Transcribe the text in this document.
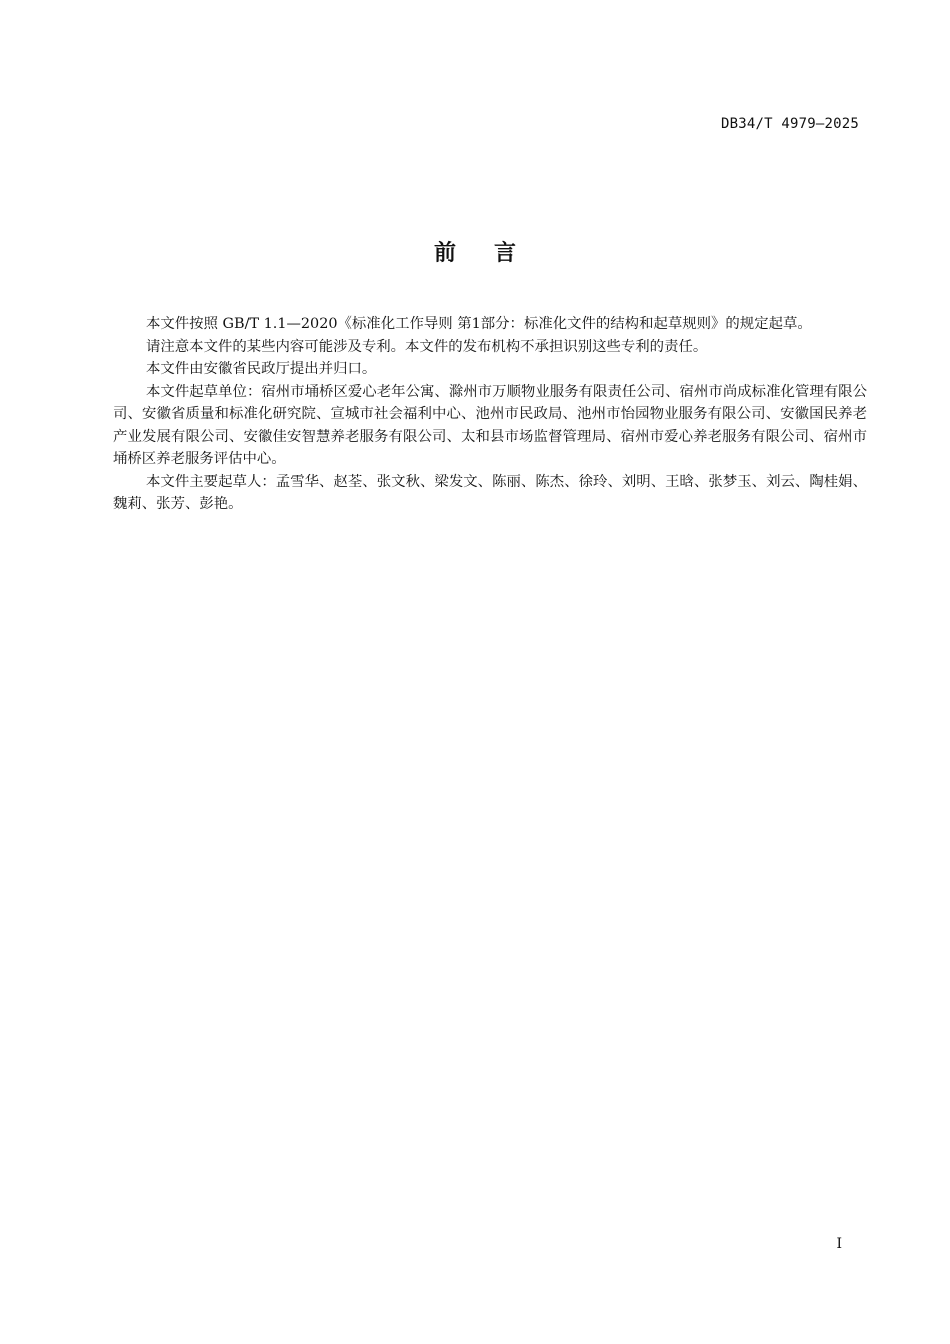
DB34/T 4979—2025
前 言

本文件按照 GB/T 1.1—2020《标准化工作导则 第1部分：标准化文件的结构和起草规则》的规定起草。

请注意本文件的某些内容可能涉及专利。本文件的发布机构不承担识别这些专利的责任。

本文件由安徽省民政厅提出并归口。

本文件起草单位：宿州市埇桥区爱心老年公寓、滁州市万顺物业服务有限责任公司、宿州市尚成标准化管理有限公司、安徽省质量和标准化研究院、宣城市社会福利中心、池州市民政局、池州市怡园物业服务有限公司、安徽国民养老产业发展有限公司、安徽佳安智慧养老服务有限公司、太和县市场监督管理局、宿州市爱心养老服务有限公司、宿州市埇桥区养老服务评估中心。

本文件主要起草人：孟雪华、赵荃、张文秋、梁发文、陈丽、陈杰、徐玲、刘明、王晗、张梦玉、刘云、陶桂娟、魏莉、张芳、彭艳。

I
